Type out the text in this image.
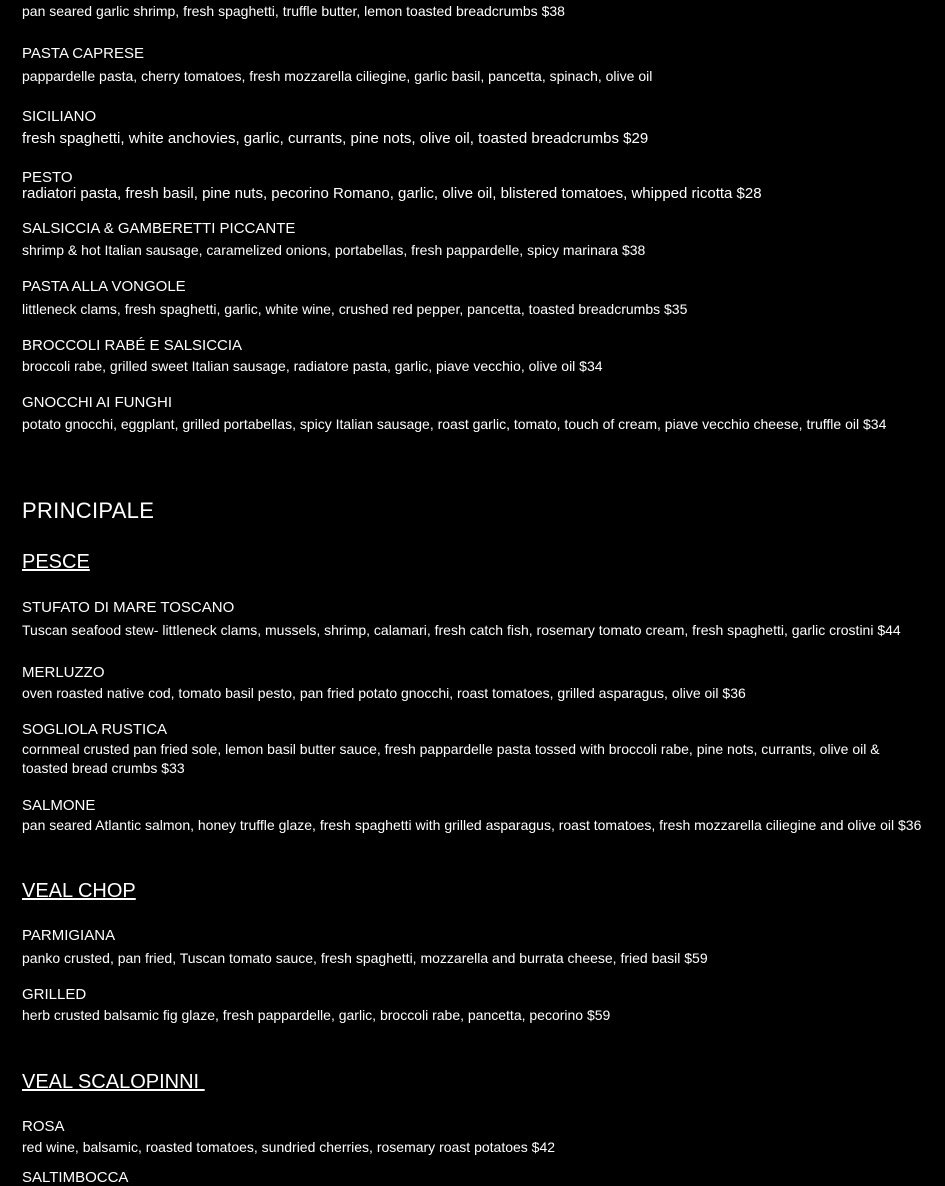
pan seared garlic shrimp, fresh spaghetti, truffle butter, lemon toasted breadcrumbs $38
PASTA CAPRESE
pappardelle pasta, cherry tomatoes, fresh mozzarella ciliegine, garlic basil, pancetta, spinach, olive oil
SICILIANO
fresh spaghetti, white anchovies, garlic, currants, pine nots, olive oil, toasted breadcrumbs $29
PESTO
radiatori pasta, fresh basil, pine nuts, pecorino Romano, garlic, olive oil, blistered tomatoes, whipped ricotta $28
SALSICCIA & GAMBERETTI PICCANTE
shrimp & hot Italian sausage, caramelized onions, portabellas, fresh pappardelle, spicy marinara $38
PASTA ALLA VONGOLE
littleneck clams, fresh spaghetti, garlic, white wine, crushed red pepper, pancetta, toasted breadcrumbs $35
BROCCOLI RABÉ E SALSICCIA
broccoli rabe, grilled sweet Italian sausage, radiatore pasta, garlic, piave vecchio, olive oil $34
GNOCCHI AI FUNGHI
potato gnocchi, eggplant, grilled portabellas, spicy Italian sausage, roast garlic, tomato, touch of cream, piave vecchio cheese, truffle oil $34
PRINCIPALE
PESCE
STUFATO DI MARE TOSCANO
Tuscan seafood stew- littleneck clams, mussels, shrimp, calamari, fresh catch fish, rosemary tomato cream, fresh spaghetti, garlic crostini $44
MERLUZZO
oven roasted native cod, tomato basil pesto, pan fried potato gnocchi, roast tomatoes, grilled asparagus, olive oil $36
SOGLIOLA RUSTICA
cornmeal crusted pan fried sole, lemon basil butter sauce, fresh pappardelle pasta tossed with broccoli rabe, pine nots, currants, olive oil & toasted bread crumbs $33
SALMONE
pan seared Atlantic salmon, honey truffle glaze, fresh spaghetti with grilled asparagus, roast tomatoes, fresh mozzarella ciliegine and olive oil $36
VEAL CHOP
PARMIGIANA
panko crusted, pan fried, Tuscan tomato sauce, fresh spaghetti, mozzarella and burrata cheese, fried basil $59
GRILLED
herb crusted balsamic fig glaze, fresh pappardelle, garlic, broccoli rabe, pancetta, pecorino $59
VEAL SCALOPINNI
ROSA
red wine, balsamic, roasted tomatoes, sundried cherries, rosemary roast potatoes $42
SALTIMBOCCA
